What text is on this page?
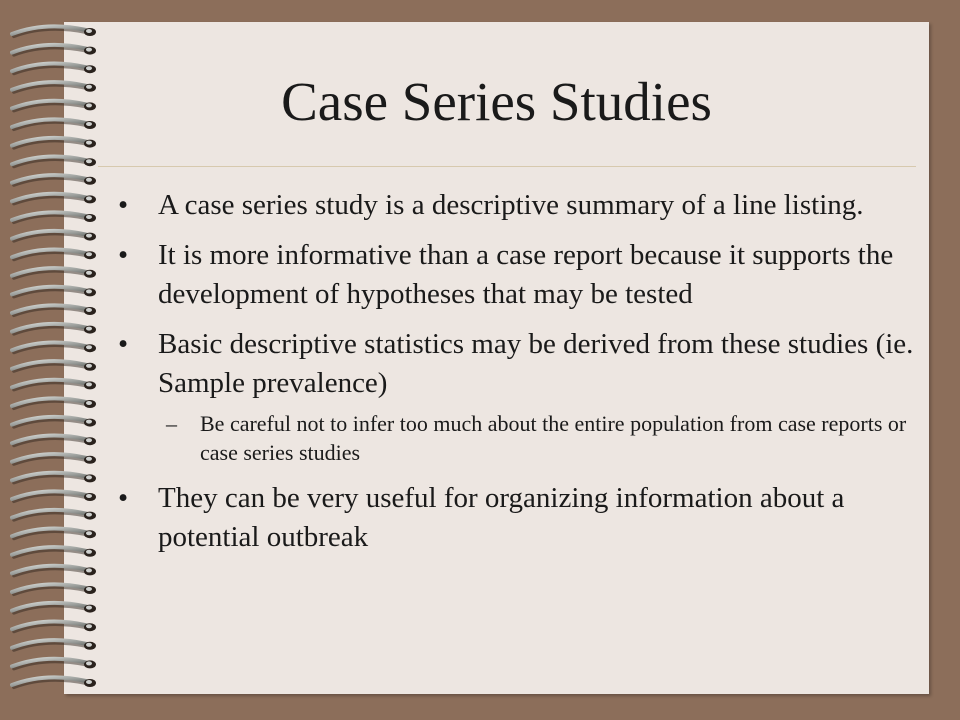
Case Series Studies
• A case series study is a descriptive summary of a line listing.
• It is more informative than a case report because it supports the development of hypotheses that may be tested
• Basic descriptive statistics may be derived from these studies (ie. Sample prevalence)
– Be careful not to infer too much about the entire population from case reports or case series studies
• They can be very useful for organizing information about a potential outbreak
